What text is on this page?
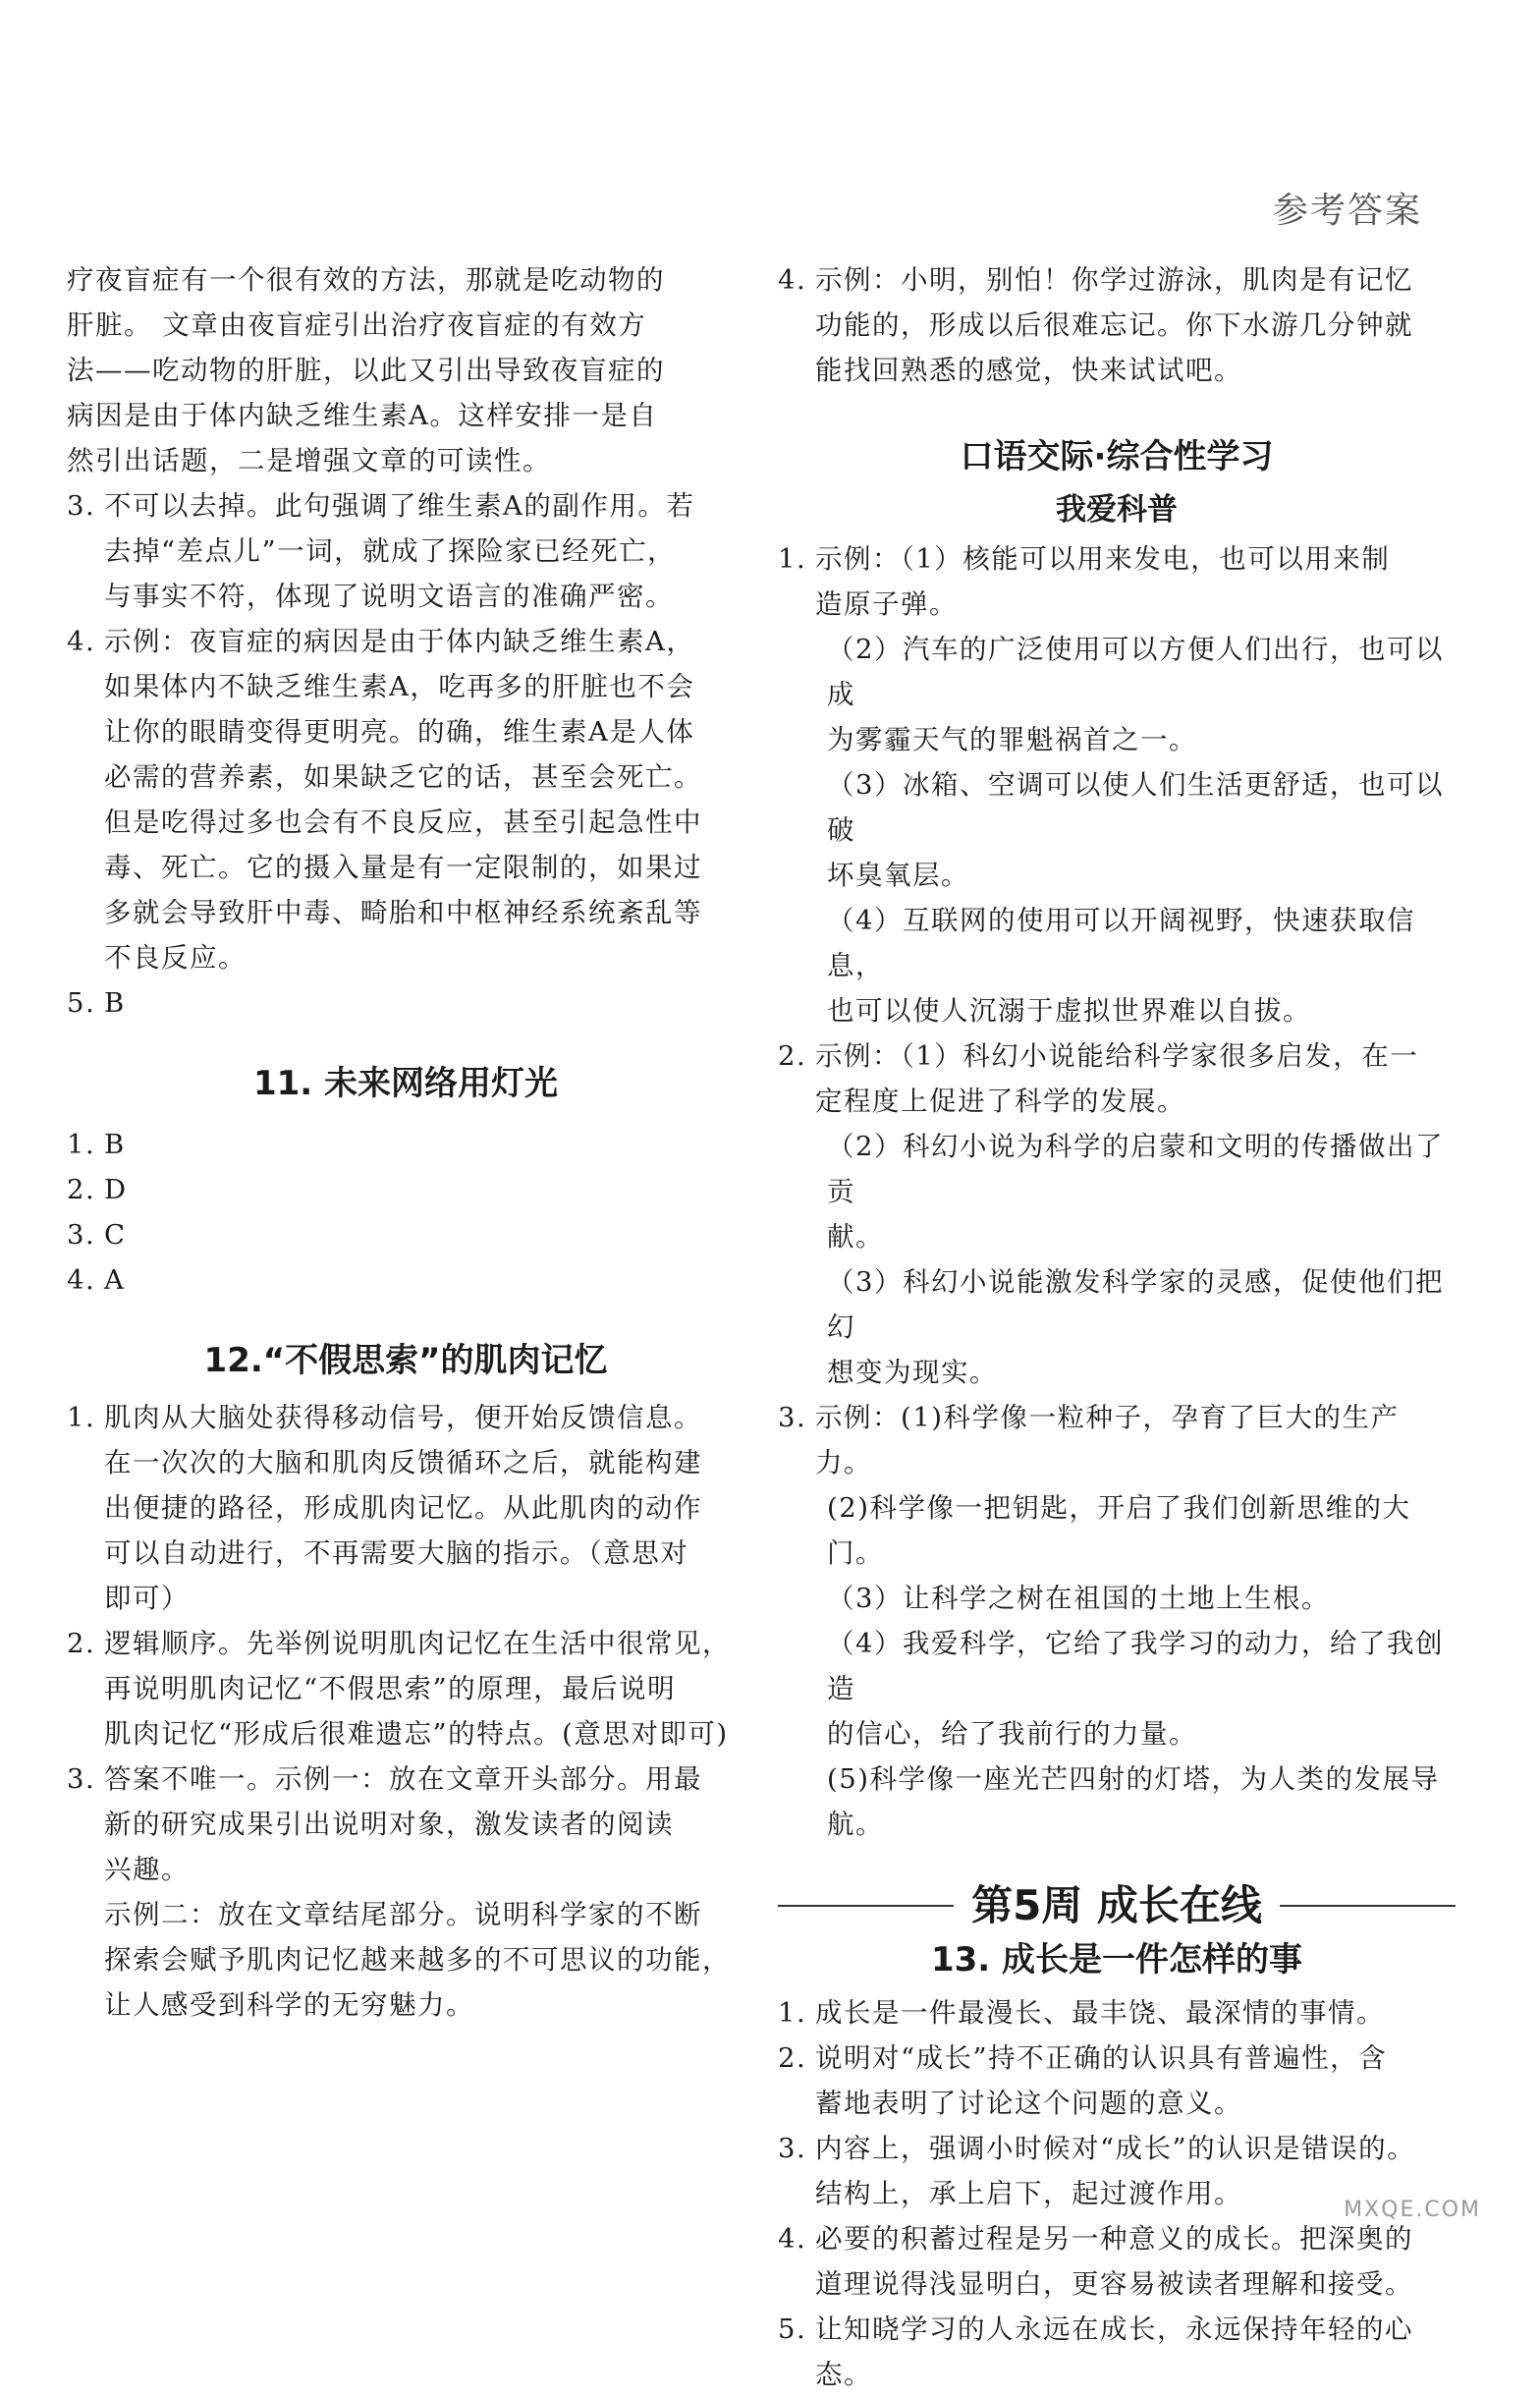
参考答案

疗夜盲症有一个很有效的方法，那就是吃动物的
肝脏。 文章由夜盲症引出治疗夜盲症的有效方
法——吃动物的肝脏，以此又引出导致夜盲症的
病因是由于体内缺乏维生素A。这样安排一是自
然引出话题，二是增强文章的可读性。

3. 不可以去掉。此句强调了维生素A的副作用。若
去掉“差点儿”一词，就成了探险家已经死亡，
与事实不符，体现了说明文语言的准确严密。
4. 示例：夜盲症的病因是由于体内缺乏维生素A，
如果体内不缺乏维生素A，吃再多的肝脏也不会
让你的眼睛变得更明亮。的确，维生素A是人体
必需的营养素，如果缺乏它的话，甚至会死亡。
但是吃得过多也会有不良反应，甚至引起急性中
毒、死亡。它的摄入量是有一定限制的，如果过
多就会导致肝中毒、畸胎和中枢神经系统紊乱等
不良反应。
5. B
11. 未来网络用灯光
1. B
2. D
3. C
4. A
12.“不假思索”的肌肉记忆
1. 肌肉从大脑处获得移动信号，便开始反馈信息。
在一次次的大脑和肌肉反馈循环之后，就能构建
出便捷的路径，形成肌肉记忆。从此肌肉的动作
可以自动进行，不再需要大脑的指示。（意思对
即可）
2. 逻辑顺序。先举例说明肌肉记忆在生活中很常见，
再说明肌肉记忆“不假思索”的原理，最后说明
肌肉记忆“形成后很难遗忘”的特点。(意思对即可)
3. 答案不唯一。示例一：放在文章开头部分。用最
新的研究成果引出说明对象，激发读者的阅读
兴趣。
示例二：放在文章结尾部分。说明科学家的不断
探索会赋予肌肉记忆越来越多的不可思议的功能，
让人感受到科学的无穷魅力。
4. 示例：小明，别怕！你学过游泳，肌肉是有记忆
功能的，形成以后很难忘记。你下水游几分钟就
能找回熟悉的感觉，快来试试吧。
口语交际·综合性学习
我爱科普
1. 示例：（1）核能可以用来发电，也可以用来制
造原子弹。
（2）汽车的广泛使用可以方便人们出行，也可以成
为雾霾天气的罪魁祸首之一。
（3）冰箱、空调可以使人们生活更舒适，也可以破
坏臭氧层。
（4）互联网的使用可以开阔视野，快速获取信息，
也可以使人沉溺于虚拟世界难以自拔。
2. 示例：（1）科幻小说能给科学家很多启发，在一
定程度上促进了科学的发展。
（2）科幻小说为科学的启蒙和文明的传播做出了贡
献。
（3）科幻小说能激发科学家的灵感，促使他们把幻
想变为现实。
3. 示例：(1)科学像一粒种子，孕育了巨大的生产力。
(2)科学像一把钥匙，开启了我们创新思维的大门。
（3）让科学之树在祖国的土地上生根。
（4）我爱科学，它给了我学习的动力，给了我创造
的信心，给了我前行的力量。
(5)科学像一座光芒四射的灯塔，为人类的发展导航。
第5周 成长在线
13. 成长是一件怎样的事
1. 成长是一件最漫长、最丰饶、最深情的事情。
2. 说明对“成长”持不正确的认识具有普遍性，含
蓄地表明了讨论这个问题的意义。
3. 内容上，强调小时候对“成长”的认识是错误的。
结构上，承上启下，起过渡作用。
4. 必要的积蓄过程是另一种意义的成长。把深奥的
道理说得浅显明白，更容易被读者理解和接受。
5. 让知晓学习的人永远在成长，永远保持年轻的心
态。
MXQE.COM
